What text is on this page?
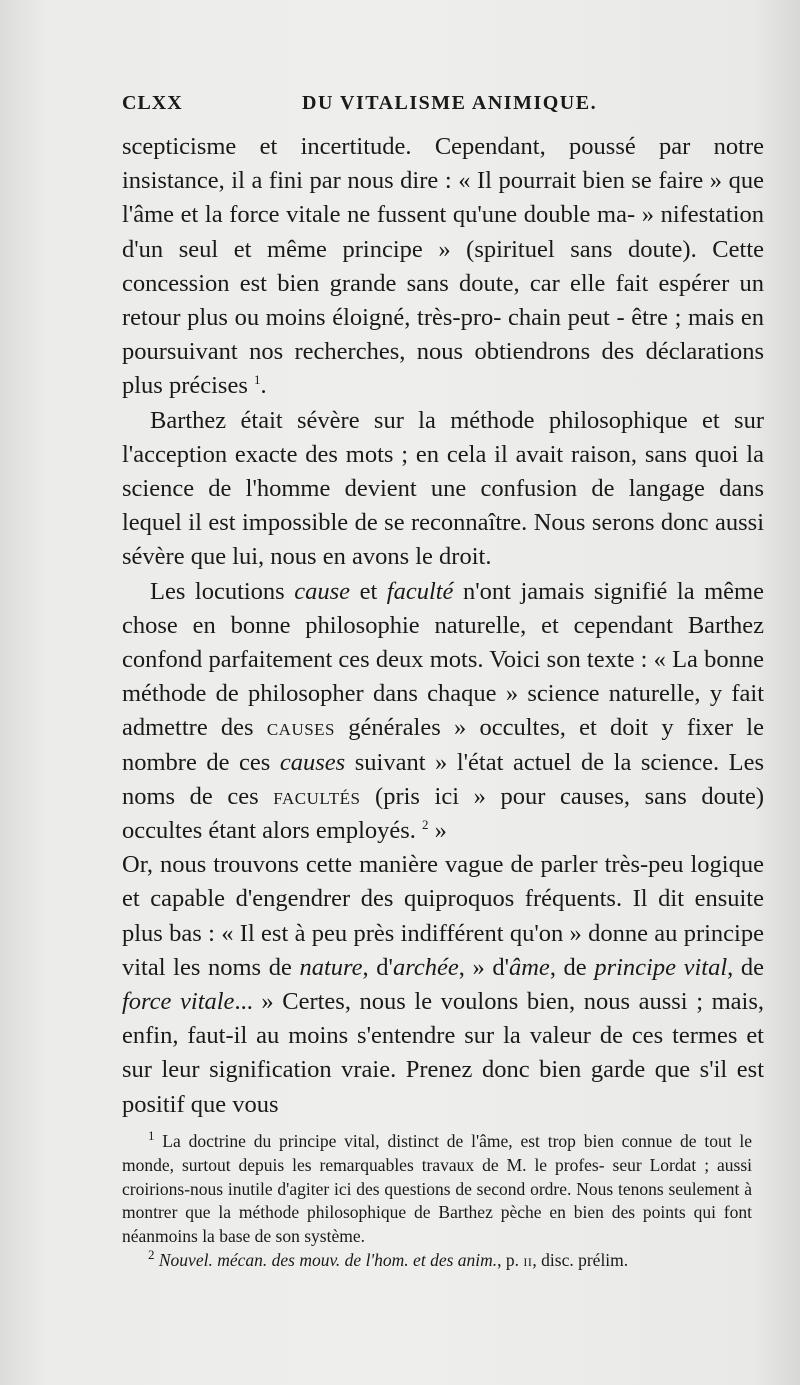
CLXX	DU VITALISME ANIMIQUE.

scepticisme et incertitude. Cependant, poussé par notre insistance, il a fini par nous dire : « Il pourrait bien se faire » que l'âme et la force vitale ne fussent qu'une double ma- » nifestation d'un seul et même principe » (spirituel sans doute). Cette concession est bien grande sans doute, car elle fait espérer un retour plus ou moins éloigné, très-pro- chain peut - être ; mais en poursuivant nos recherches, nous obtiendrons des déclarations plus précises $^1$.

Barthez était sévère sur la méthode philosophique et sur l'acception exacte des mots ; en cela il avait raison, sans quoi la science de l'homme devient une confusion de langage dans lequel il est impossible de se reconnaître. Nous serons donc aussi sévère que lui, nous en avons le droit.

Les locutions cause et faculté n'ont jamais signifié la même chose en bonne philosophie naturelle, et cependant Barthez confond parfaitement ces deux mots. Voici son texte : « La bonne méthode de philosopher dans chaque » science naturelle, y fait admettre des causes générales » occultes, et doit y fixer le nombre de ces causes suivant » l'état actuel de la science. Les noms de ces facultés (pris ici » pour causes, sans doute) occultes étant alors employés. $^2$ »

Or, nous trouvons cette manière vague de parler très-peu logique et capable d'engendrer des quiproquos fréquents. Il dit ensuite plus bas : « Il est à peu près indifférent qu'on » donne au principe vital les noms de nature, d'archée, » d'âme, de principe vital, de force vitale... » Certes, nous le voulons bien, nous aussi ; mais, enfin, faut-il au moins s'entendre sur la valeur de ces termes et sur leur signification vraie. Prenez donc bien garde que s'il est positif que vous

$^1$ La doctrine du principe vital, distinct de l'âme, est trop bien connue de tout le monde, surtout depuis les remarquables travaux de M. le profes- seur Lordat ; aussi croirions-nous inutile d'agiter ici des questions de second ordre. Nous tenons seulement à montrer que la méthode philosophique de Barthez pèche en bien des points qui font néanmoins la base de son système.

$^2$ Nouvel. mécan. des mouv. de l'hom. et des anim., p. ii, disc. prélim.
